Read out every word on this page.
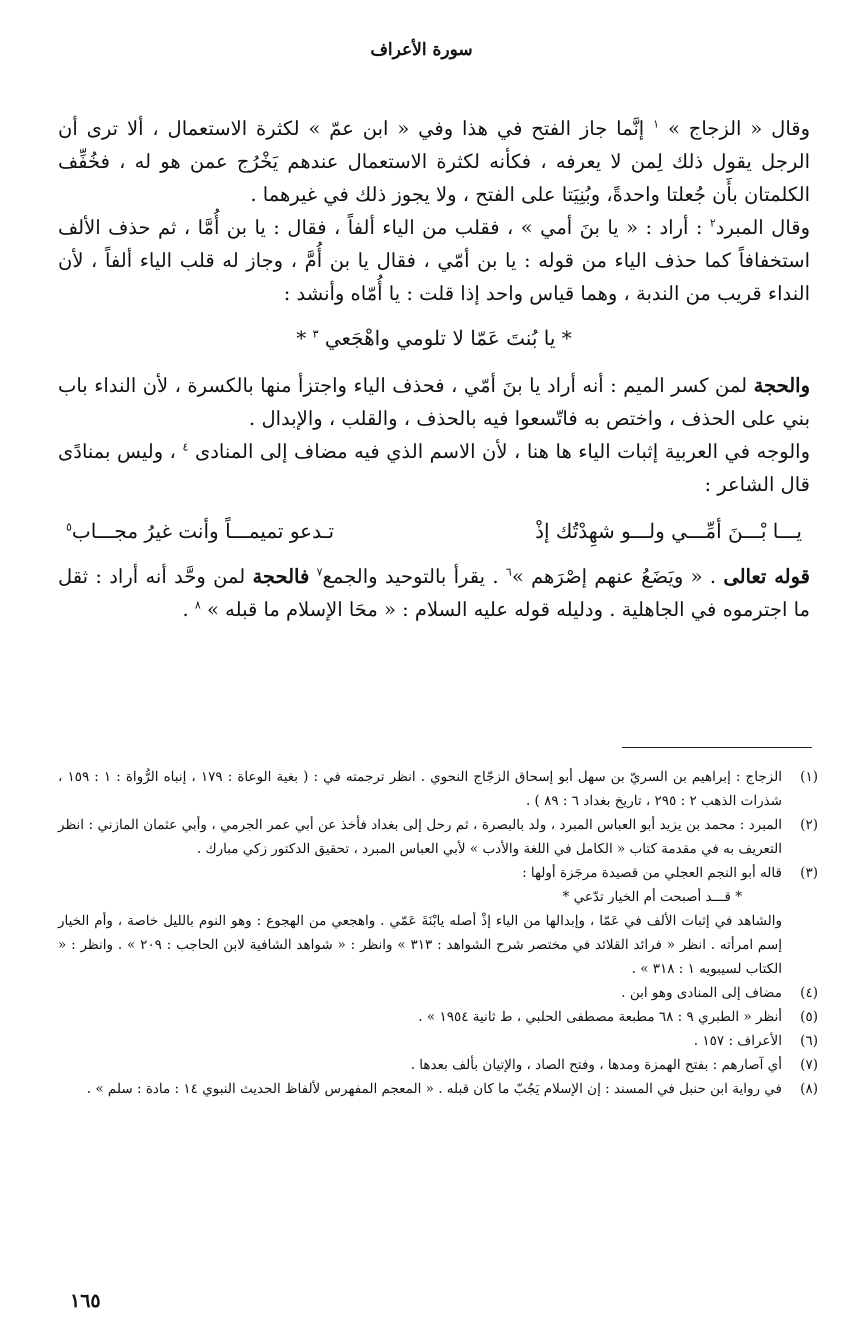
سورة الأعراف

وقال « الزجاج » $^١$ إنَّما جاز الفتح في هذا وفي « ابن عمّ » لكثرة الاستعمال ، ألا ترى أن الرجل يقول ذلك لِمن لا يعرفه ، فكأنه لكثرة الاستعمال عندهم يَخْرُج عمن هو له ، فخُفِّف الكلمتان بأَن جُعلتا واحدةً، وبُنِيَتا على الفتح ، ولا يجوز ذلك في غيرهما .

وقال المبرد$^٢$ : أراد : « يا بنَ أمي » ، فقلب من الياء ألفاً ، فقال : يا بن أُمَّا ، ثم حذف الألف استخفافاً كما حذف الياء من قوله : يا بن أمّي ، فقال يا بن أُمَّ ، وجاز له قلب الياء ألفاً ، لأن النداء قريب من الندبة ، وهما قياس واحد إذا قلت : يا أُمّاه وأنشد :

* يا بُنتَ عَمّا لا تلومي واهْجَعي $^٣$ *

والحجة لمن كسر الميم : أنه أراد يا بنَ أمّي ، فحذف الياء واجتزأ منها بالكسرة ، لأن النداء باب بني على الحذف ، واختص به فاتّسعوا فيه بالحذف ، والقلب ، والإبدال .

والوجه في العربية إثبات الياء ها هنا ، لأن الاسم الذي فيه مضاف إلى المنادى $^٤$ ، وليس بمنادًى قال الشاعر :

يـــا بْـــنَ أمِّـــي ولـــو شهِدْتُك إذْ
تـدعو تميمـــاً وأنت غيرُ مجـــاب$^٥$

قوله تعالى . « ويَضَعُ عنهم إصْرَهم »$^٦$ . يقرأ بالتوحيد والجمع$^٧$ فالحجة لمن وحَّد أنه أراد : ثقل ما اجترموه في الجاهلية . ودليله قوله عليه السلام : « محَا الإسلام ما قبله » $^٨$ .

(١)
الزجاج : إبراهيم بن السريّ بن سهل أبو إسحاق الزجّاج النحوي . انظر ترجمته في : ( بغية الوعاة : ١٧٩ ، إنباه الرُّواة : ١ : ١٥٩ ، شذرات الذهب ٢ : ٢٩٥ ، تاريخ بغداد ٦ : ٨٩ ) .
(٢)
المبرد : محمد بن يزيد أبو العباس المبرد ، ولد بالبصرة ، ثم رحل إلى بغداد فأخذ عن أبي عمر الجرمي ، وأبي عثمان المازني : انظر التعريف به في مقدمة كتاب « الكامل في اللغة والأدب » لأبي العباس المبرد ، تحقيق الدكتور زكي مبارك .
(٣)
قاله أبو النجم العجلي من قصيدة مرجَزة أولها :
* قـــد أصبحت أم الخيار تدّعي *
والشاهد في إثبات الألف في عَمّا ، وإبدالها من الياء إذْ أصله يابْنَةَ عَمّي . واهجعي من الهجوع : وهو النوم بالليل خاصة ، وأم الخيار إسم امرأته . انظر « فرائد القلائد في مختصر شرح الشواهد : ٣١٣ » وانظر : « شواهد الشافية لابن الحاجب : ٢٠٩ » . وانظر : « الكتاب لسيبويه ١ : ٣١٨ » .
(٤)
مضاف إلى المنادى وهو ابن .
(٥)
أنظر « الطبري ٩ : ٦٨ مطبعة مصطفى الحلبي ، ط ثانية ١٩٥٤ » .
(٦)
الأعراف : ١٥٧ .
(٧)
أي آصارهم : بفتح الهمزة ومدها ، وفتح الصاد ، والإتيان بألف بعدها .
(٨)
في رواية ابن حنبل في المسند : إن الإسلام يَجُبّ ما كان قبله . « المعجم المفهرس لألفاظ الحديث النبوي ١٤ : مادة : سلم » .
١٦٥
